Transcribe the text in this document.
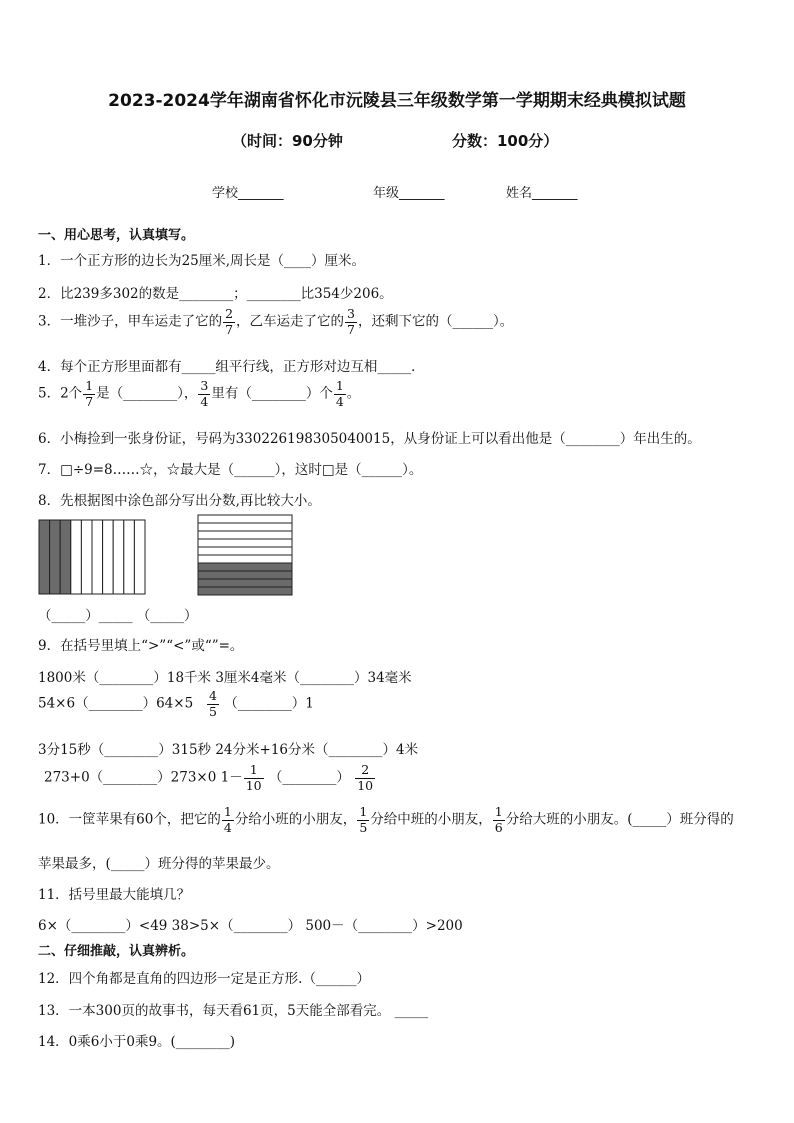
2023-2024学年湖南省怀化市沅陵县三年级数学第一学期期末经典模拟试题
（时间：90分钟	分数：100分）
学校_______	年级_______	姓名_______
一、用心思考，认真填写。
1．一个正方形的边长为25厘米,周长是（____）厘米。
2．比239多302的数是________；________比354少206。
3．一堆沙子，甲车运走了它的 $\frac{2}{7}$ ，乙车运走了它的 $\frac{3}{7}$ ，还剩下它的（______）。
4．每个正方形里面都有_____组平行线，正方形对边互相_____．
5．2个 $\frac{1}{7}$ 是（________）， $\frac{3}{4}$ 里有（________）个 $\frac{1}{4}$ 。
6．小梅捡到一张身份证，号码为330226198305040015，从身份证上可以看出他是（________）年出生的。
7．□÷9=8……☆，☆最大是（______），这时□是（______）。
8．先根据图中涂色部分写出分数,再比较大小。
（_____）_____ （_____）
9．在括号里填上“>”“<”或“”=。
1800米（________）18千米 3厘米4毫米（________）34毫米
54×6（________）64×5 $\frac{4}{5}$ （________）1
3分15秒（________）315秒 24分米+16分米（________）4米
273+0（________）273×0 $1- \frac{1}{10}$ （________） $\frac{2}{10}$
10．一筐苹果有60个，把它的 $\frac{1}{4}$ 分给小班的小朋友， $\frac{1}{5}$ 分给中班的小朋友， $\frac{1}{6}$ 分给大班的小朋友。(_____）班分得的
苹果最多，(_____）班分得的苹果最少。
11．括号里最大能填几？
6×（________）<49 38>5×（________） 500－（________）>200
二、仔细推敲，认真辨析。
12．四个角都是直角的四边形一定是正方形.（______）
13．一本300页的故事书，每天看61页，5天能全部看完。 _____
14．0乘6小于0乘9。(________)
